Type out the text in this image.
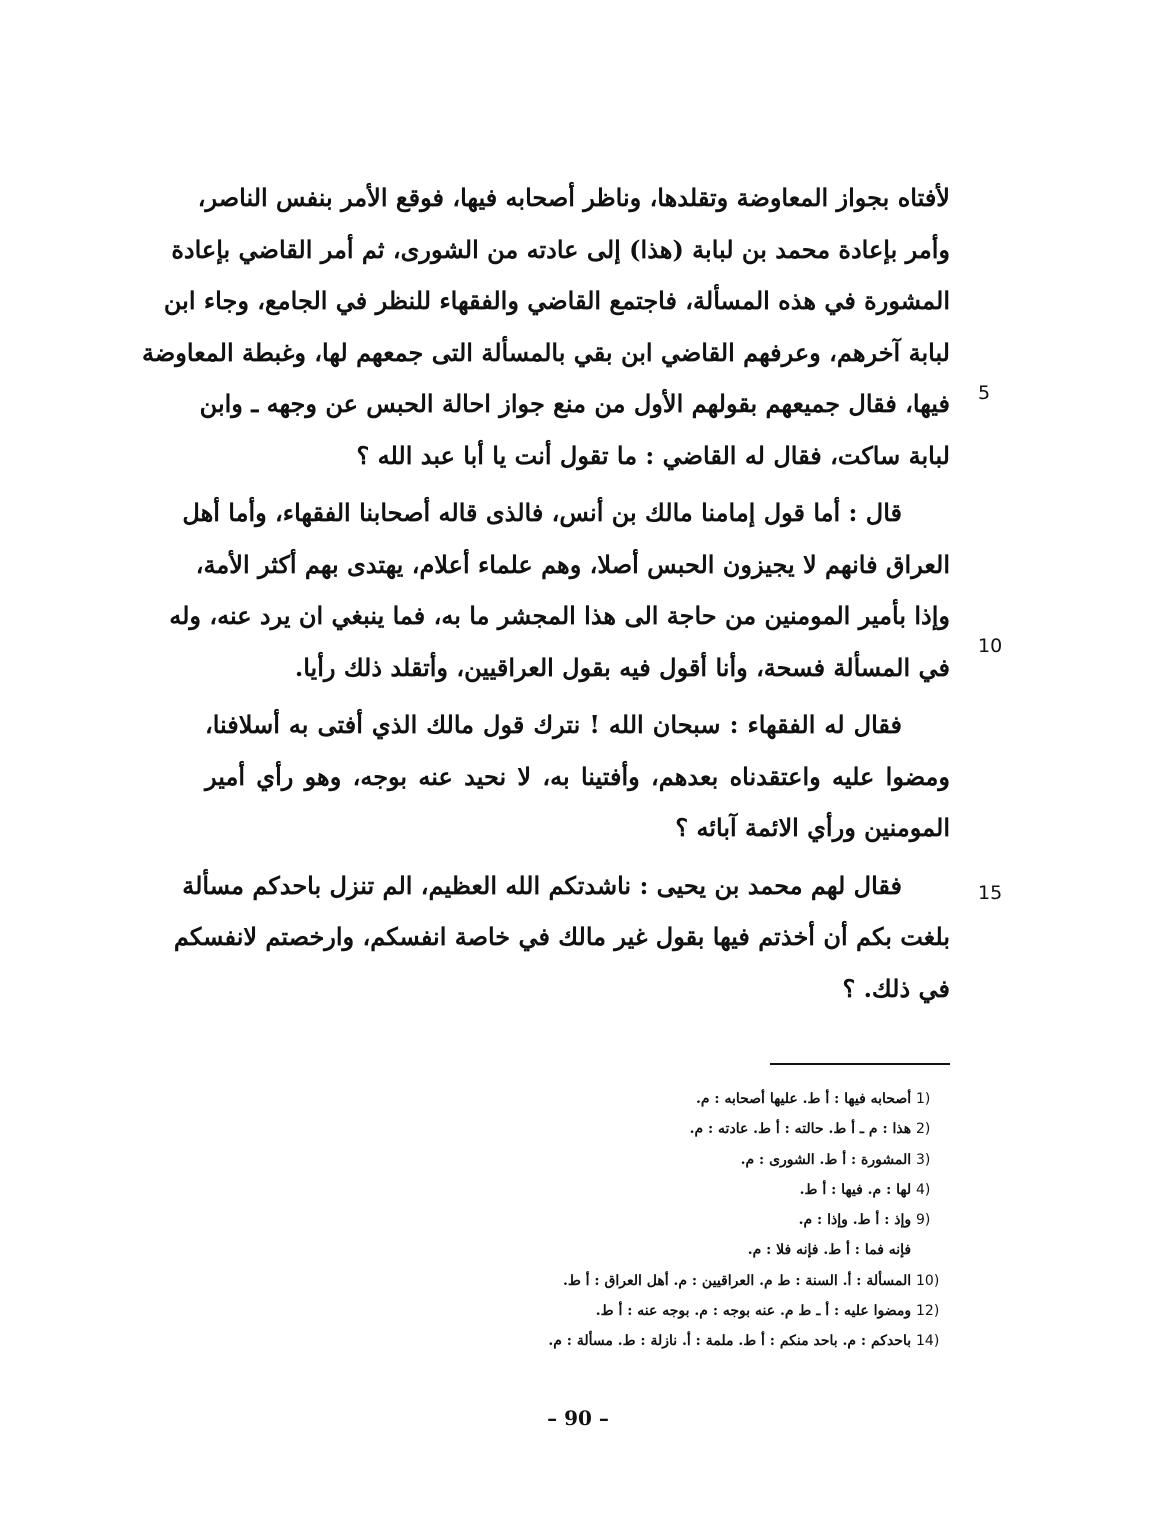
لأفتاه بجواز المعاوضة وتقلدها، وناظر أصحابه فيها، فوقع الأمر بنفس الناصر،
وأمر بإعادة محمد بن لبابة (هذا) إلى عادته من الشورى، ثم أمر القاضي بإعادة
المشورة في هذه المسألة، فاجتمع القاضي والفقهاء للنظر في الجامع، وجاء ابن
لبابة آخرهم، وعرفهم القاضي ابن بقي بالمسألة التى جمعهم لها، وغبطة المعاوضة
فيها، فقال جميعهم بقولهم الأول من منع جواز احالة الحبس عن وجهه ـ وابن
لبابة ساكت، فقال له القاضي : ما تقول أنت يا أبا عبد الله ؟
قال : أما قول إمامنا مالك بن أنس، فالذى قاله أصحابنا الفقهاء، وأما أهل
العراق فانهم لا يجيزون الحبس أصلا، وهم علماء أعلام، يهتدى بهم أكثر الأمة،
وإذا بأمير المومنين من حاجة الى هذا المجشر ما به، فما ينبغي ان يرد عنه، وله
في المسألة فسحة، وأنا أقول فيه بقول العراقيين، وأتقلد ذلك رأيا.
فقال له الفقهاء : سبحان الله ! نترك قول مالك الذي أفتى به أسلافنا،
ومضوا عليه واعتقدناه بعدهم، وأفتينا به، لا نحيد عنه بوجه، وهو رأي أمير
المومنين ورأي الائمة آبائه ؟
فقال لهم محمد بن يحيى : ناشدتكم الله العظيم، الم تنزل باحدكم مسألة
بلغت بكم أن أخذتم فيها بقول غير مالك في خاصة انفسكم، وارخصتم لانفسكم
في ذلك. ؟
5
10
15
1) أصحابه فيها : أ ط. عليها أصحابه : م.
2) هذا : م ـ أ ط. حالته : أ ط. عادته : م.
3) المشورة : أ ط. الشورى : م.
4) لها : م. فيها : أ ط.
9) وإذ : أ ط. وإذا : م.
فإنه فما : أ ط. فإنه فلا : م.
10) المسألة : أ. السنة : ط م. العراقيين : م. أهل العراق : أ ط.
12) ومضوا عليه : أ ـ ط م. عنه بوجه : م. بوجه عنه : أ ط.
14) باحدكم : م. باحد منكم : أ ط. ملمة : أ. نازلة : ط. مسألة : م.
– 90 –
